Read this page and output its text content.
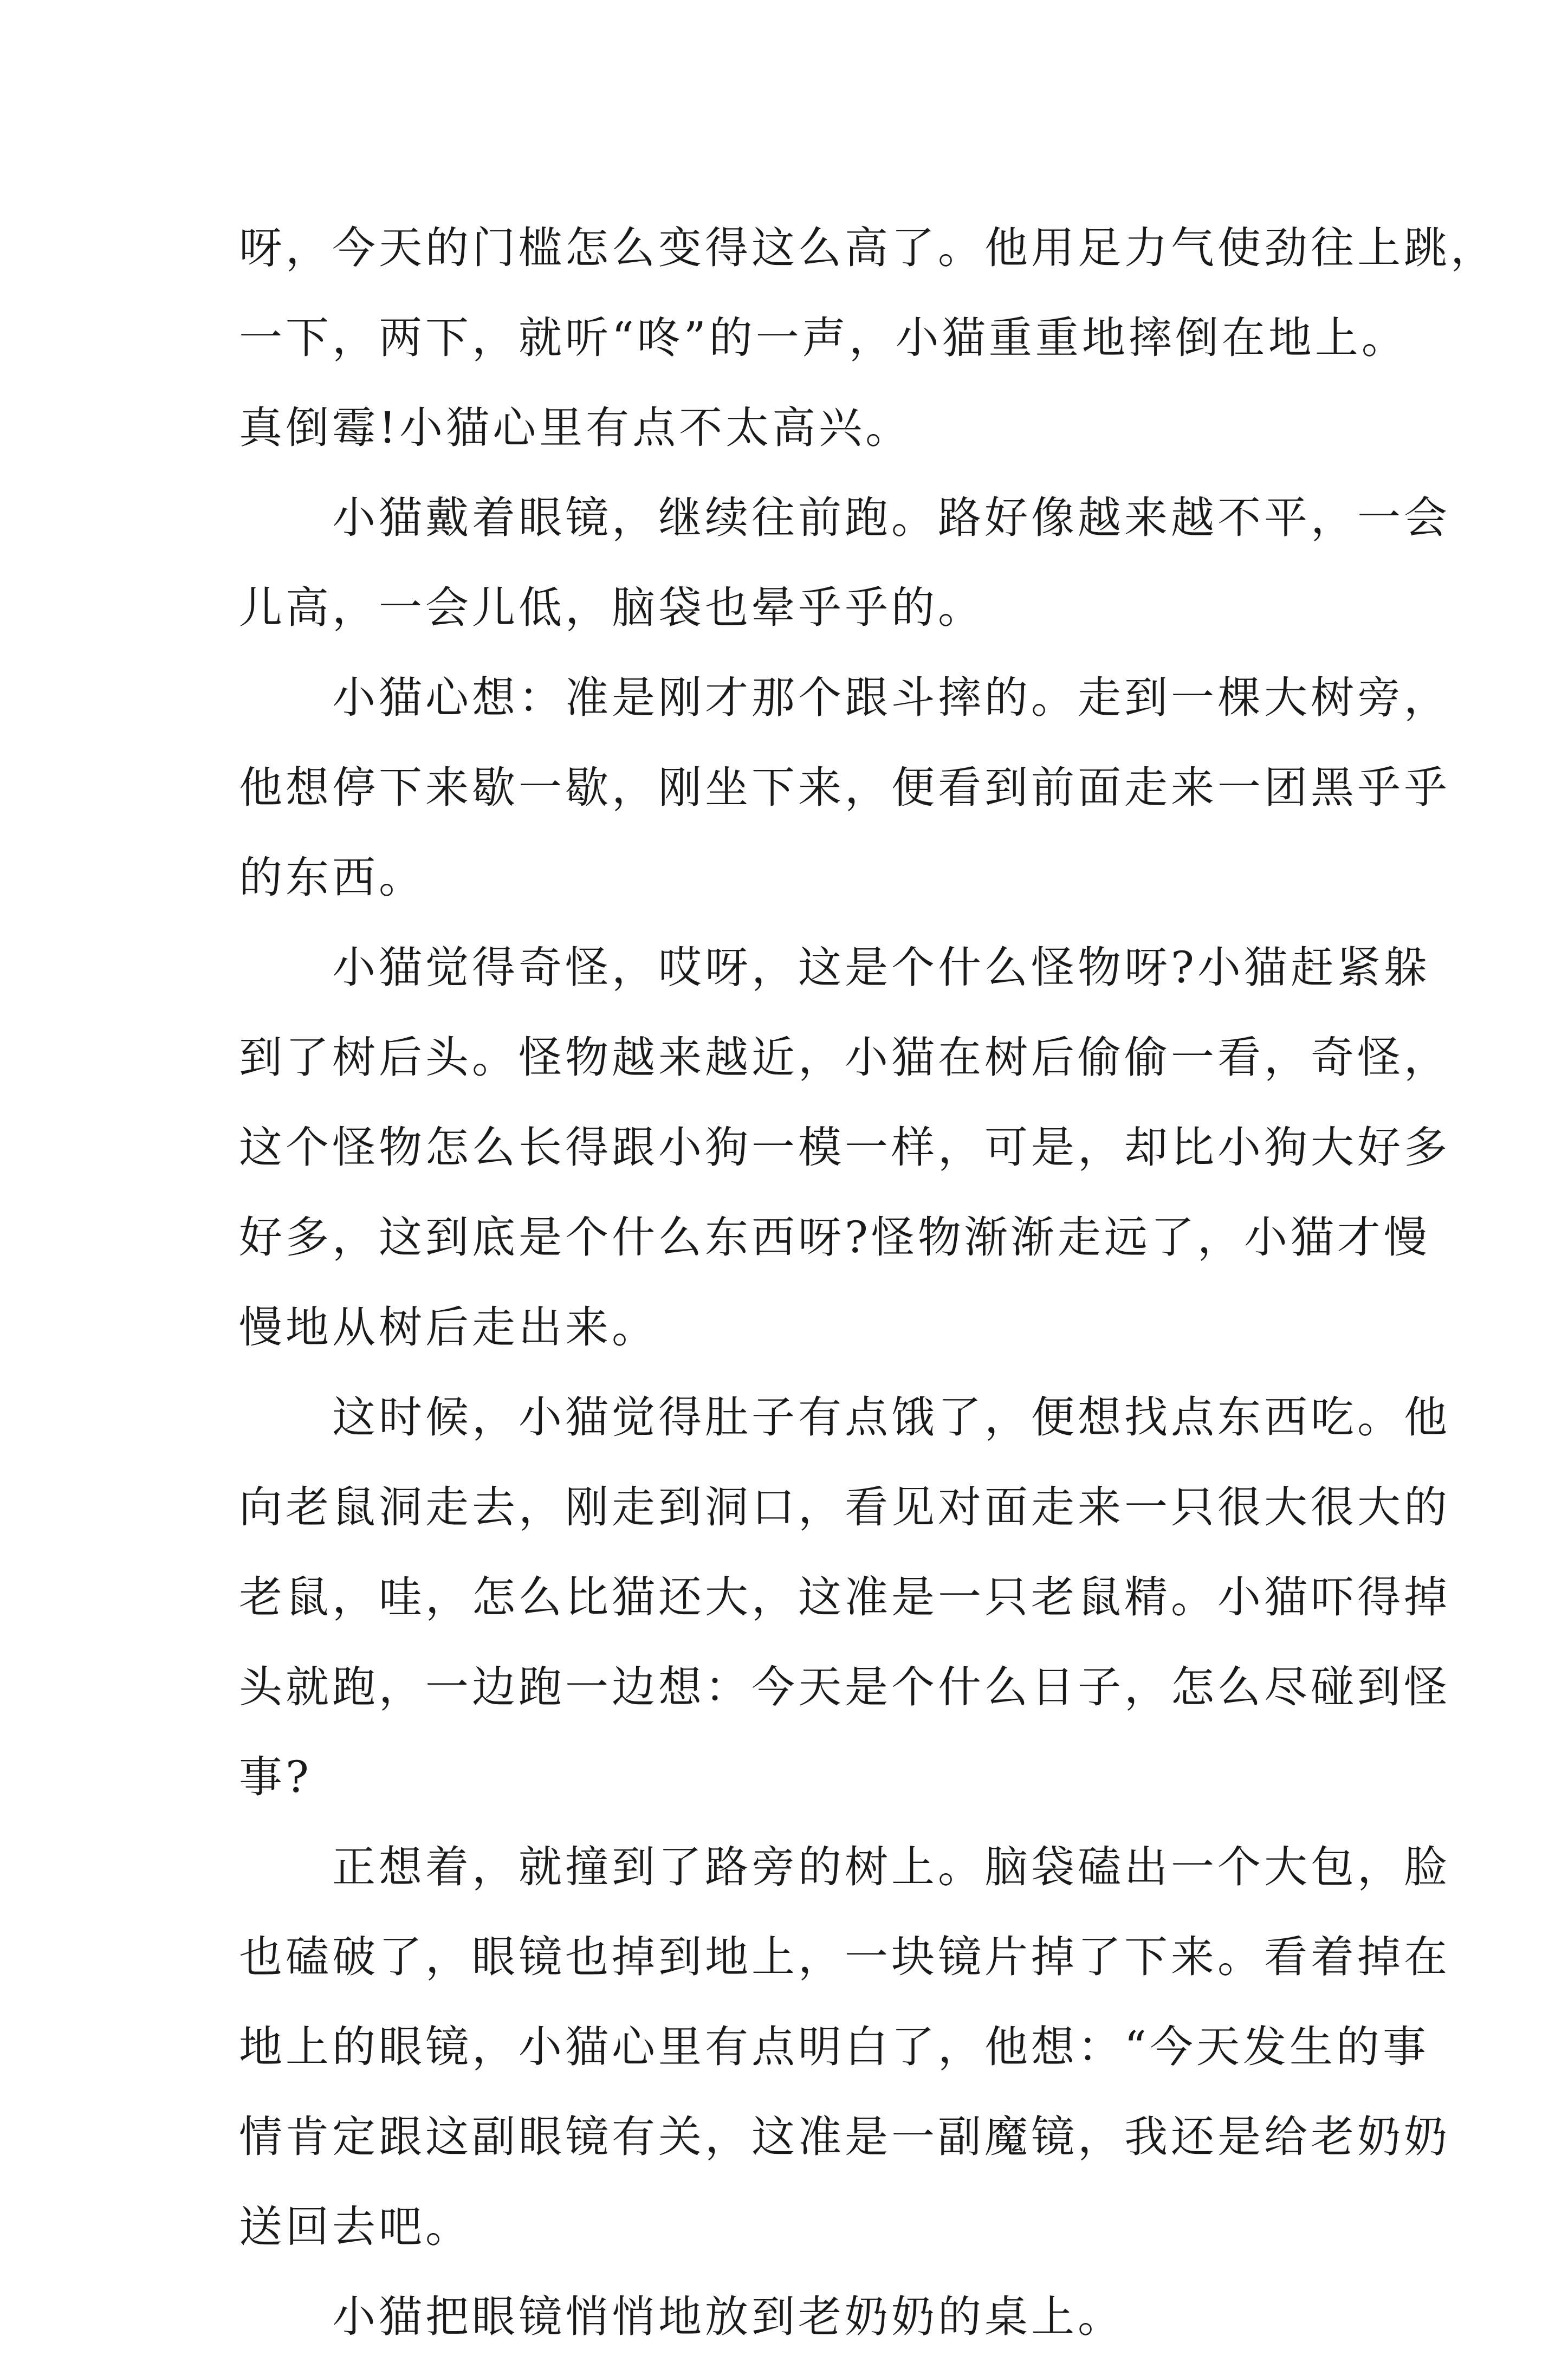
呀，今天的门槛怎么变得这么高了。他用足力气使劲往上跳，
一下，两下，就听“咚”的一声，小猫重重地摔倒在地上。
真倒霉!小猫心里有点不太高兴。
　　小猫戴着眼镜，继续往前跑。路好像越来越不平，一会
儿高，一会儿低，脑袋也晕乎乎的。
　　小猫心想：准是刚才那个跟斗摔的。走到一棵大树旁，
他想停下来歇一歇，刚坐下来，便看到前面走来一团黑乎乎
的东西。
　　小猫觉得奇怪，哎呀，这是个什么怪物呀?小猫赶紧躲
到了树后头。怪物越来越近，小猫在树后偷偷一看，奇怪，
这个怪物怎么长得跟小狗一模一样，可是，却比小狗大好多
好多，这到底是个什么东西呀?怪物渐渐走远了，小猫才慢
慢地从树后走出来。
　　这时候，小猫觉得肚子有点饿了，便想找点东西吃。他
向老鼠洞走去，刚走到洞口，看见对面走来一只很大很大的
老鼠，哇，怎么比猫还大，这准是一只老鼠精。小猫吓得掉
头就跑，一边跑一边想：今天是个什么日子，怎么尽碰到怪
事?
　　正想着，就撞到了路旁的树上。脑袋磕出一个大包，脸
也磕破了，眼镜也掉到地上，一块镜片掉了下来。看着掉在
地上的眼镜，小猫心里有点明白了，他想：“今天发生的事
情肯定跟这副眼镜有关，这准是一副魔镜，我还是给老奶奶
送回去吧。
　　小猫把眼镜悄悄地放到老奶奶的桌上。
